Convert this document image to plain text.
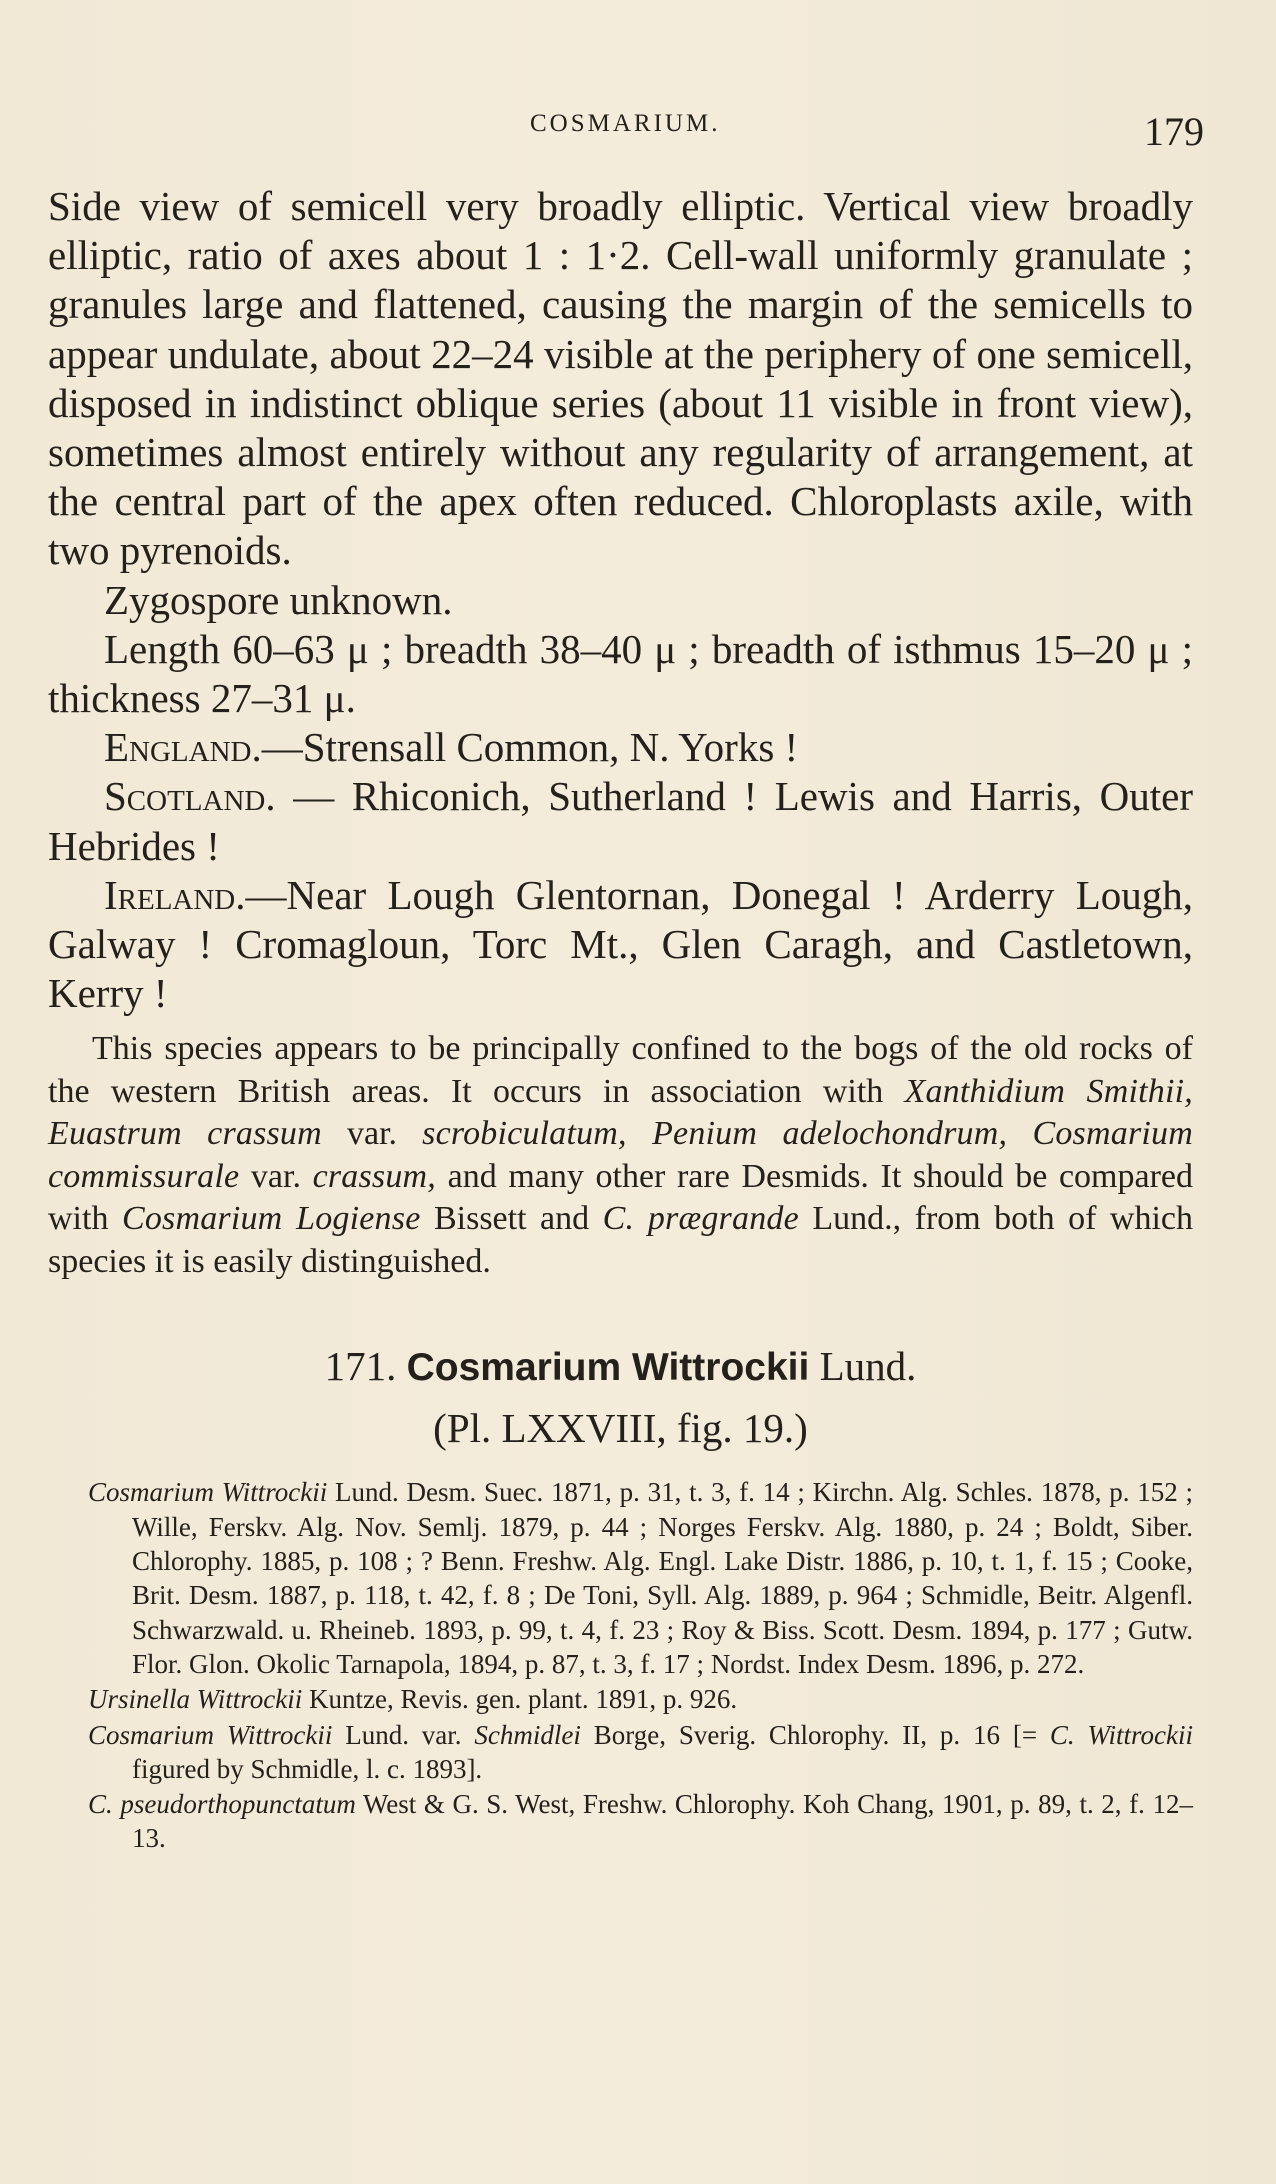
COSMARIUM.	179

Side view of semicell very broadly elliptic. Vertical view broadly elliptic, ratio of axes about 1 : 1·2. Cell-wall uniformly granulate ; granules large and flattened, causing the margin of the semicells to appear undulate, about 22–24 visible at the periphery of one semicell, disposed in indistinct oblique series (about 11 visible in front view), sometimes almost entirely without any regularity of arrangement, at the central part of the apex often reduced. Chloroplasts axile, with two pyrenoids.

Zygospore unknown.

Length 60–63 μ ; breadth 38–40 μ ; breadth of isthmus 15–20 μ ; thickness 27–31 μ.

England.—Strensall Common, N. Yorks !

Scotland. — Rhiconich, Sutherland ! Lewis and Harris, Outer Hebrides !

Ireland.—Near Lough Glentornan, Donegal ! Arderry Lough, Galway ! Cromagloun, Torc Mt., Glen Caragh, and Castletown, Kerry !

This species appears to be principally confined to the bogs of the old rocks of the western British areas. It occurs in association with Xanthidium Smithii, Euastrum crassum var. scrobiculatum, Penium adelochondrum, Cosmarium commissurale var. crassum, and many other rare Desmids. It should be compared with Cosmarium Logiense Bissett and C. prægrande Lund., from both of which species it is easily distinguished.

171. Cosmarium Wittrockii Lund.
(Pl. LXXVIII, fig. 19.)
Cosmarium Wittrockii Lund. Desm. Suec. 1871, p. 31, t. 3, f. 14 ; Kirchn. Alg. Schles. 1878, p. 152 ; Wille, Ferskv. Alg. Nov. Semlj. 1879, p. 44 ; Norges Ferskv. Alg. 1880, p. 24 ; Boldt, Siber. Chlorophy. 1885, p. 108 ; ? Benn. Freshw. Alg. Engl. Lake Distr. 1886, p. 10, t. 1, f. 15 ; Cooke, Brit. Desm. 1887, p. 118, t. 42, f. 8 ; De Toni, Syll. Alg. 1889, p. 964 ; Schmidle, Beitr. Algenfl. Schwarzwald. u. Rheineb. 1893, p. 99, t. 4, f. 23 ; Roy & Biss. Scott. Desm. 1894, p. 177 ; Gutw. Flor. Glon. Okolic Tarnapola, 1894, p. 87, t. 3, f. 17 ; Nordst. Index Desm. 1896, p. 272.
Ursinella Wittrockii Kuntze, Revis. gen. plant. 1891, p. 926.
Cosmarium Wittrockii Lund. var. Schmidlei Borge, Sverig. Chlorophy. II, p. 16 [= C. Wittrockii figured by Schmidle, l. c. 1893].
C. pseudorthopunctatum West & G. S. West, Freshw. Chlorophy. Koh Chang, 1901, p. 89, t. 2, f. 12–13.
